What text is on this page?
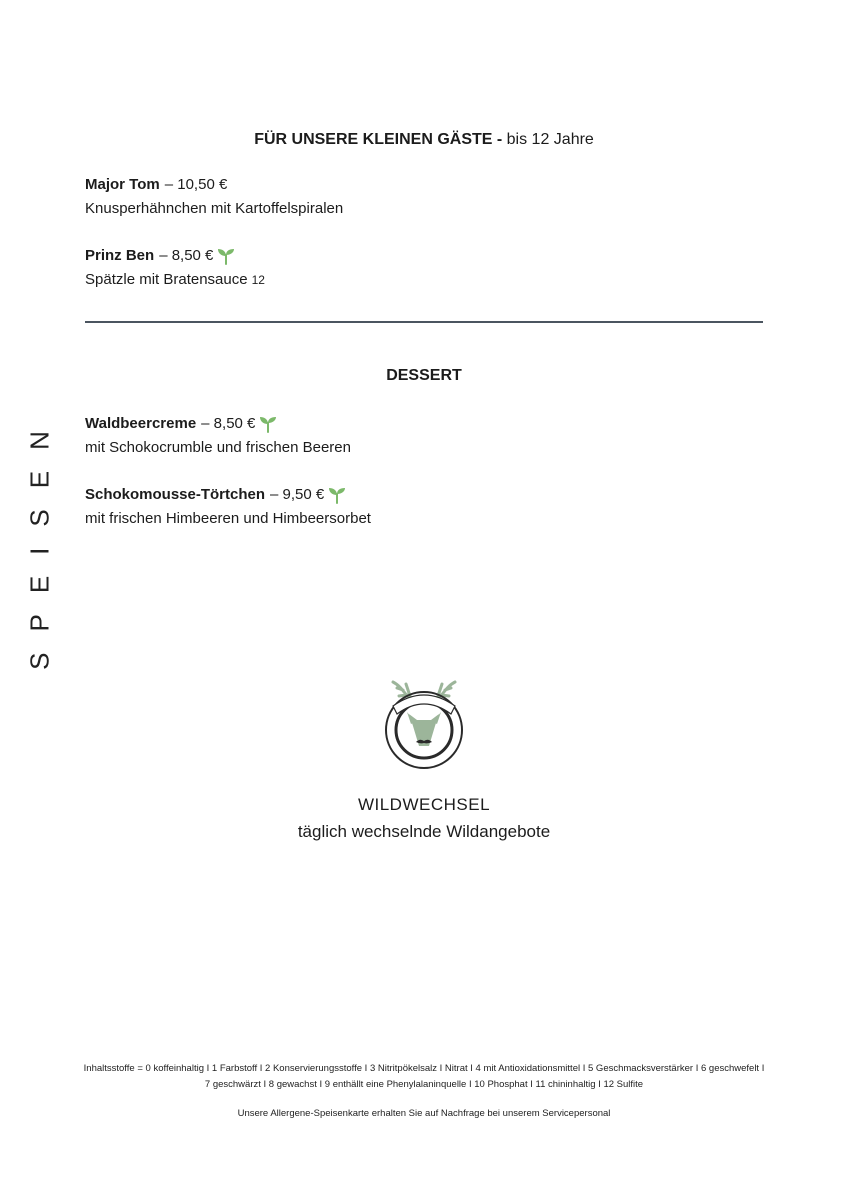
SPEISEN
FÜR UNSERE KLEINEN GÄSTE - bis 12 Jahre
Major Tom – 10,50 €
Knusperhähnchen mit Kartoffelspiralen
Prinz Ben – 8,50 €
Spätzle mit Bratensauce 12
DESSERT
Waldbeercreme – 8,50 €
mit Schokocrumble und frischen Beeren
Schokomousse-Törtchen – 9,50 €
mit frischen Himbeeren und Himbeersorbet
WILDWECHSEL
täglich wechselnde Wildangebote
Inhaltsstoffe = 0 koffeinhaltig I 1 Farbstoff I 2 Konservierungsstoffe I 3 Nitritpökelsalz I Nitrat I 4 mit Antioxidationsmittel I 5 Geschmacksverstärker I 6 geschwefelt I 7 geschwärzt I 8 gewachst I 9 enthällt eine Phenylalaninquelle I 10 Phosphat I 11 chininhaltig I 12 Sulfite
Unsere Allergene-Speisenkarte erhalten Sie auf Nachfrage bei unserem Servicepersonal
